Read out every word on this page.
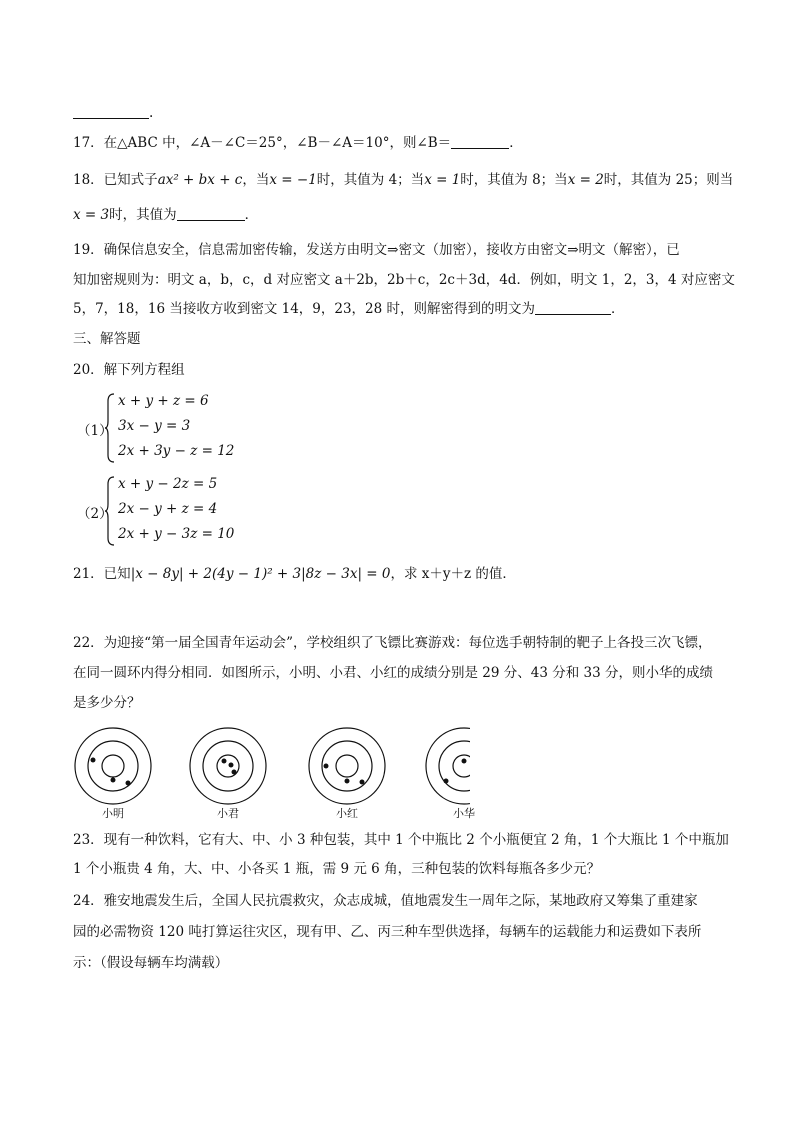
.
17．在△ABC 中，∠A－∠C＝25°，∠B－∠A＝10°，则∠B＝	．
18．已知式子ax² + bx + c，当x = −1时，其值为 4；当x = 1时，其值为 8；当x = 2时，其值为 25；则当
x = 3时，其值为	．
19．确保信息安全，信息需加密传输，发送方由明文⇒密文（加密），接收方由密文⇒明文（解密），已
知加密规则为：明文 a，b，c，d 对应密文 a＋2b，2b＋c，2c＋3d，4d．例如，明文 1，2，3，4 对应密文
5，7，18，16 当接收方收到密文 14，9，23，28 时，则解密得到的明文为	．
三、解答题
20．解下列方程组
（1）
x + y + z = 6
3x − y = 3
2x + 3y − z = 12
（2）
x + y − 2z = 5
2x − y + z = 4
2x + y − 3z = 10
21．已知|x − 8y| + 2(4y − 1)² + 3|8z − 3x| = 0，求 x＋y＋z 的值．
22．为迎接“第一届全国青年运动会”，学校组织了飞镖比赛游戏：每位选手朝特制的靶子上各投三次飞镖，
在同一圆环内得分相同．如图所示，小明、小君、小红的成绩分别是 29 分、43 分和 33 分，则小华的成绩
是多少分？
小明	小君	小红	小华
23．现有一种饮料，它有大、中、小 3 种包装，其中 1 个中瓶比 2 个小瓶便宜 2 角，1 个大瓶比 1 个中瓶加
1 个小瓶贵 4 角，大、中、小各买 1 瓶，需 9 元 6 角，三种包装的饮料每瓶各多少元？
24．雅安地震发生后，全国人民抗震救灾，众志成城，值地震发生一周年之际，某地政府又筹集了重建家
园的必需物资 120 吨打算运往灾区，现有甲、乙、丙三种车型供选择，每辆车的运载能力和运费如下表所
示：（假设每辆车均满载）
